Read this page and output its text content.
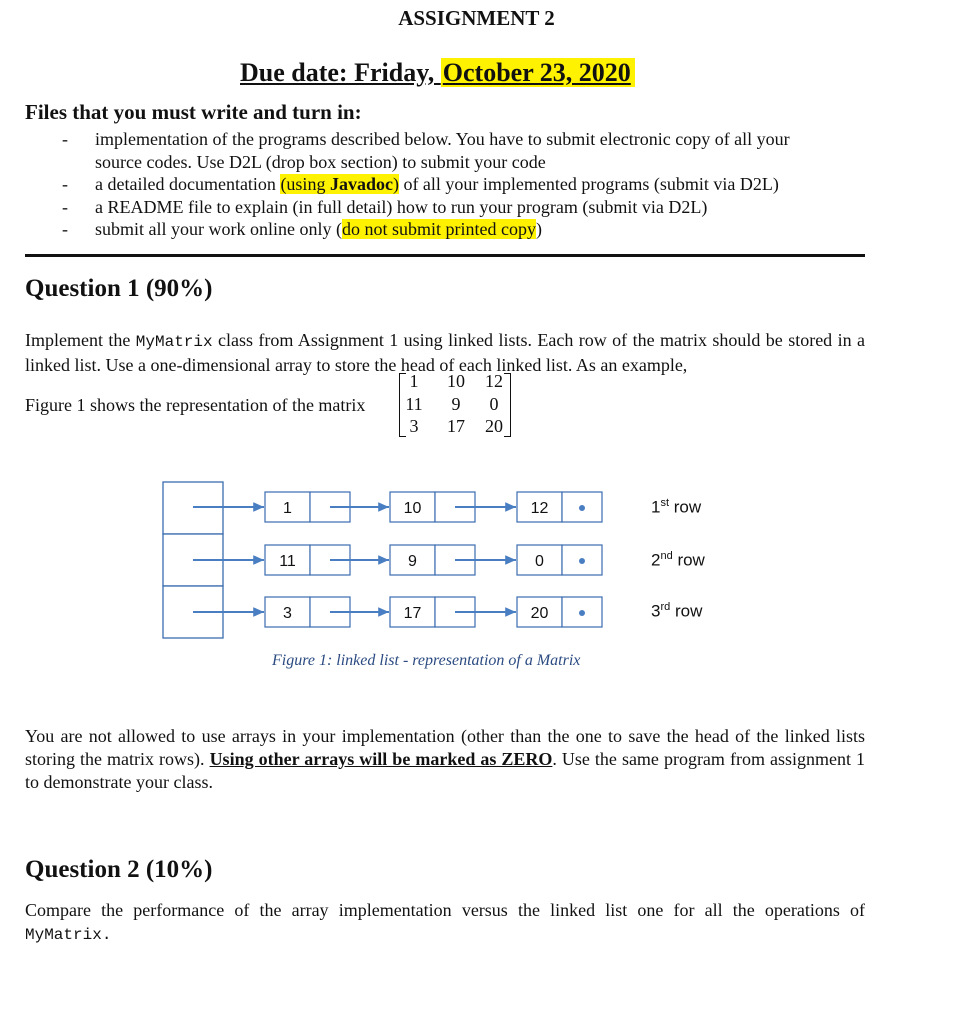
ASSIGNMENT 2
Due date: Friday, October 23, 2020
Files that you must write and turn in:
- implementation of the programs described below. You have to submit electronic copy of all your
source codes. Use D2L (drop box section) to submit your code
- a detailed documentation (using Javadoc) of all your implemented programs (submit via D2L)
- a README file to explain (in full detail) how to run your program (submit via D2L)
- submit all your work online only (do not submit printed copy)
Question 1 (90%)
Implement the MyMatrix class from Assignment 1 using linked lists. Each row of the matrix should be stored in a linked list. Use a one-dimensional array to store the head of each linked list. As an example,
Figure 1 shows the representation of the matrix
1	10	12
11	9	0
3	17	20
1	10	12
11	9	0
3	17	20
1st row
2nd row
3rd row
Figure 1: linked list - representation of a Matrix
You are not allowed to use arrays in your implementation (other than the one to save the head of the linked lists storing the matrix rows). Using other arrays will be marked as ZERO. Use the same program from assignment 1 to demonstrate your class.
Question 2 (10%)
Compare the performance of the array implementation versus the linked list one for all the operations of MyMatrix.
